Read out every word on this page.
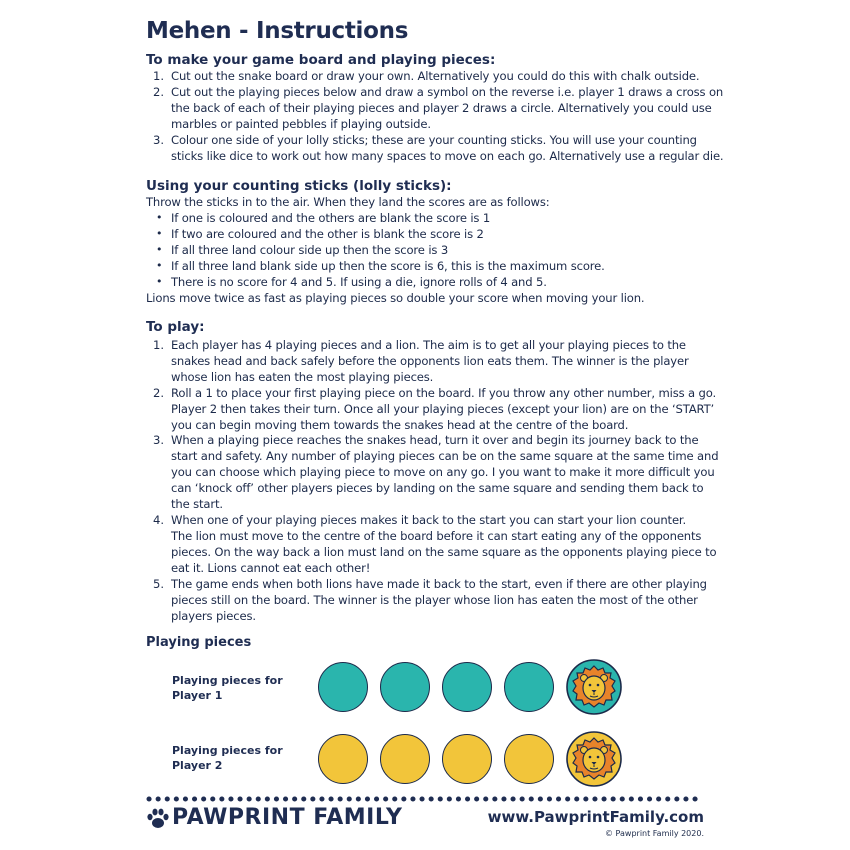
Mehen - Instructions
To make your game board and playing pieces:
1. Cut out the snake board or draw your own. Alternatively you could do this with chalk outside.
2. Cut out the playing pieces below and draw a symbol on the reverse i.e. player 1 draws a cross on
the back of each of their playing pieces and player 2 draws a circle. Alternatively you could use
marbles or painted pebbles if playing outside.
3. Colour one side of your lolly sticks; these are your counting sticks. You will use your counting
sticks like dice to work out how many spaces to move on each go. Alternatively use a regular die.
Using your counting sticks (lolly sticks):
Throw the sticks in to the air. When they land the scores are as follows:
• If one is coloured and the others are blank the score is 1
• If two are coloured and the other is blank the score is 2
• If all three land colour side up then the score is 3
• If all three land blank side up then the score is 6, this is the maximum score.
• There is no score for 4 and 5. If using a die, ignore rolls of 4 and 5.
Lions move twice as fast as playing pieces so double your score when moving your lion.
To play:
1. Each player has 4 playing pieces and a lion. The aim is to get all your playing pieces to the
snakes head and back safely before the opponents lion eats them. The winner is the player
whose lion has eaten the most playing pieces.
2. Roll a 1 to place your first playing piece on the board. If you throw any other number, miss a go.
Player 2 then takes their turn. Once all your playing pieces (except your lion) are on the ‘START’
you can begin moving them towards the snakes head at the centre of the board.
3. When a playing piece reaches the snakes head, turn it over and begin its journey back to the
start and safety. Any number of playing pieces can be on the same square at the same time and
you can choose which playing piece to move on any go. I you want to make it more difficult you
can ‘knock off’ other players pieces by landing on the same square and sending them back to
the start.
4. When one of your playing pieces makes it back to the start you can start your lion counter.
The lion must move to the centre of the board before it can start eating any of the opponents
pieces. On the way back a lion must land on the same square as the opponents playing piece to
eat it. Lions cannot eat each other!
5. The game ends when both lions have made it back to the start, even if there are other playing
pieces still on the board. The winner is the player whose lion has eaten the most of the other
players pieces.
Playing pieces
Playing pieces for
Player 1
Playing pieces for
Player 2
PAWPRINT FAMILY	www.PawprintFamily.com
© Pawprint Family 2020.
